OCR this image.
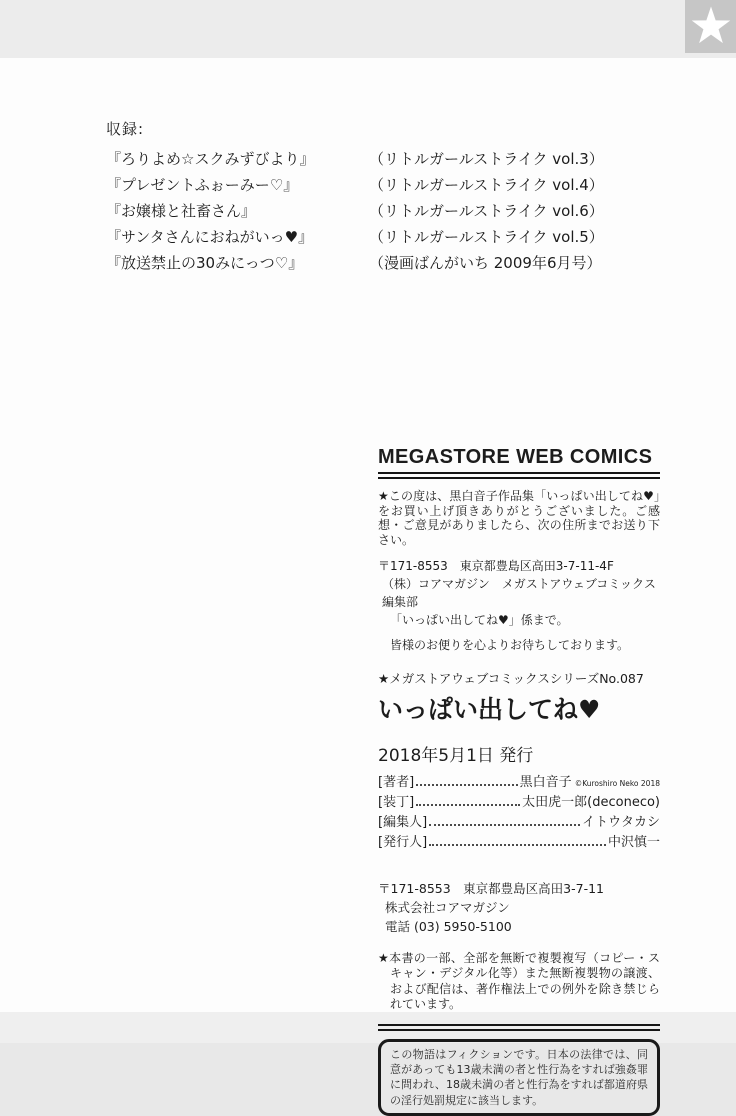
収録:
『ろりよめ☆スクみずびより』	（リトルガールストライク vol.3）
『プレゼントふぉーみー♡』	（リトルガールストライク vol.4）
『お嬢様と社畜さん』	（リトルガールストライク vol.6）
『サンタさんにおねがいっ♥』	（リトルガールストライク vol.5）
『放送禁止の30みにっつ♡』	（漫画ばんがいち 2009年6月号）
MEGASTORE WEB COMICS
★この度は、黒白音子作品集「いっぱい出してね♥」をお買い上げ頂きありがとうございました。ご感想・ご意見がありましたら、次の住所までお送り下さい。
〒171-8553　東京都豊島区高田3-7-11-4F
（株）コアマガジン　メガストアウェブコミックス編集部
「いっぱい出してね♥」係まで。
皆様のお便りを心よりお待ちしております。
★メガストアウェブコミックスシリーズNo.087
いっぱい出してね♥
2018年5月1日 発行
[著者]	黒白音子 ©Kuroshiro Neko 2018
[装丁]	太田虎一郎(deconeco)
[編集人]	イトウタカシ
[発行人]	中沢慎一
〒171-8553　東京都豊島区高田3-7-11
株式会社コアマガジン
電話 (03) 5950-5100
★本書の一部、全部を無断で複製複写（コピー・スキャン・デジタル化等）また無断複製物の譲渡、および配信は、著作権法上での例外を除き禁じられています。
この物語はフィクションです。日本の法律では、同意があっても13歳未満の者と性行為をすれば強姦罪に問われ、18歳未満の者と性行為をすれば都道府県の淫行処罰規定に該当します。
